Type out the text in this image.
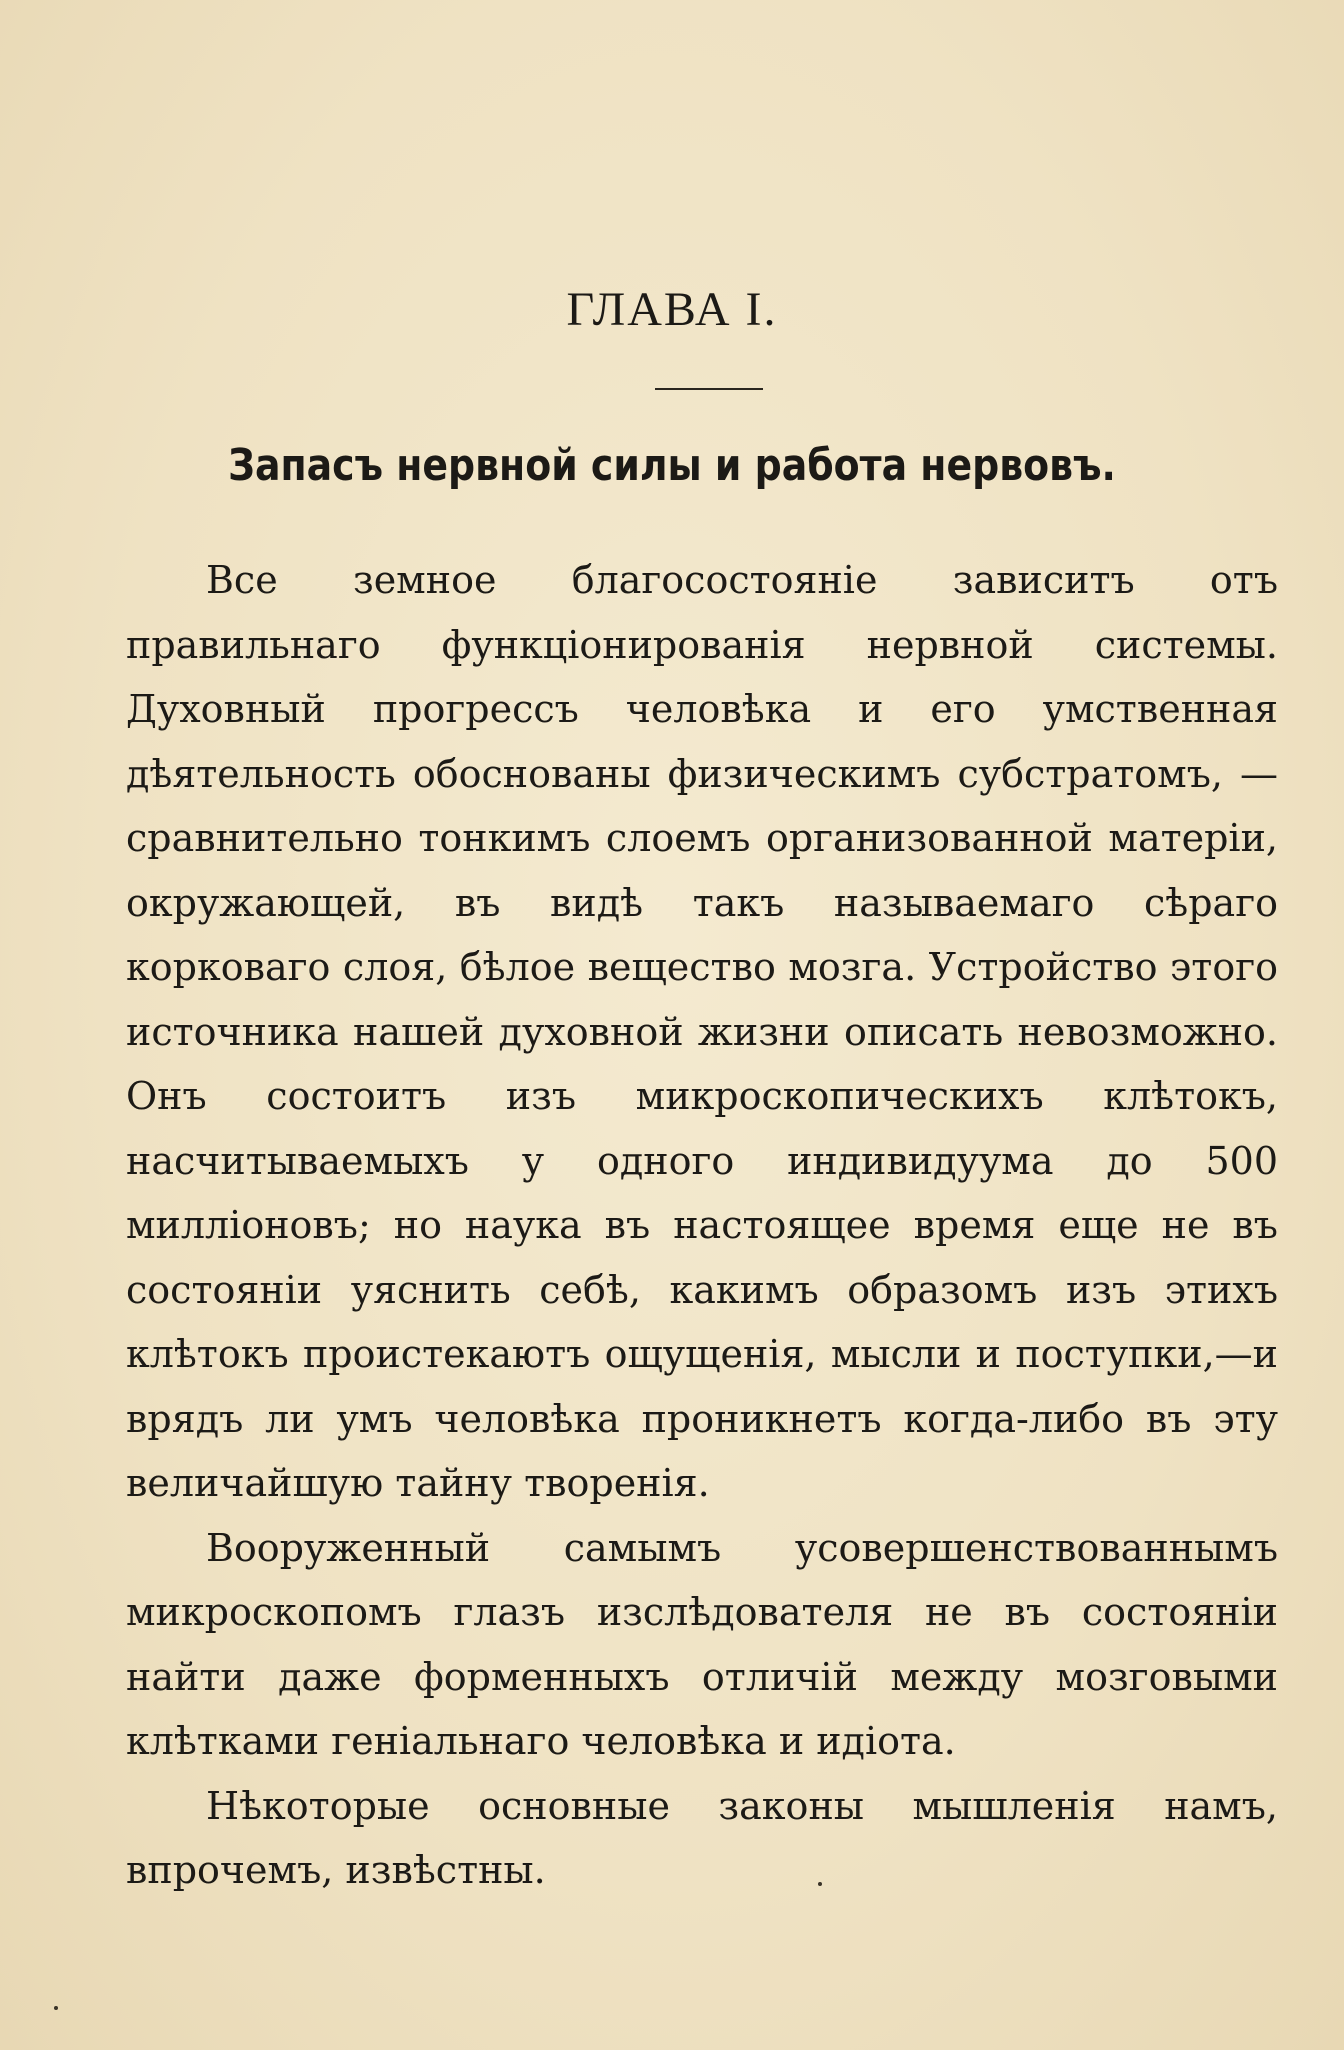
ГЛАВА I.
Запасъ нервной силы и работа нервовъ.

Все земное благосостояніе зависитъ отъ правильнаго функціонированія нервной системы. Духовный прогрессъ человѣка и его умственная дѣятельность обоснованы физическимъ субстратомъ, — сравнительно тонкимъ слоемъ организованной матеріи, окружающей, въ видѣ такъ называемаго сѣраго корковаго слоя, бѣлое вещество мозга. Устройство этого источника нашей духовной жизни описать невозможно. Онъ состоитъ изъ микроскопическихъ клѣтокъ, насчитываемыхъ у одного индивидуума до 500 милліоновъ; но наука въ настоящее время еще не въ состояніи уяснить себѣ, какимъ образомъ изъ этихъ клѣтокъ проистекаютъ ощущенія, мысли и поступки,—и врядъ ли умъ человѣка проникнетъ когда-либо въ эту величайшую тайну творенія.

Вооруженный самымъ усовершенствованнымъ микроскопомъ глазъ изслѣдователя не въ состояніи найти даже форменныхъ отличій между мозговыми клѣтками геніальнаго человѣка и идіота.

Нѣкоторые основные законы мышленія намъ, впрочемъ, извѣстны.
